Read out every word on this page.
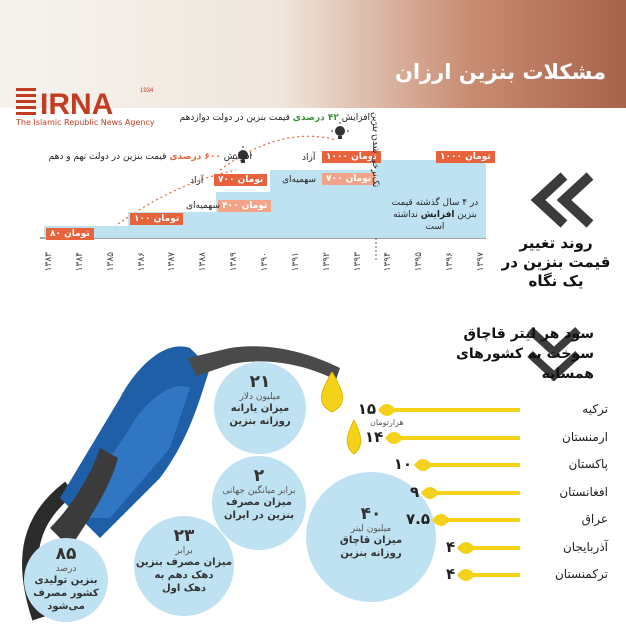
مشکلات بنزین ارزان
IRNA	1934
The Islamic Republic News Agency
۸۰ تومان
۱۰۰ تومان
۴۰۰ تومان
سهمیه‌ای
۷۰۰ تومان
آزاد	۷۰۰ تومان
سهمیه‌ای
۱۰۰۰ تومان
آزاد	۱۰۰۰ تومان
افزایش ۴۲ درصدی قیمت بنزین در دولت دوازدهم
افزایش ۶۰۰ درصدی قیمت بنزین در دولت نهم و دهم	تک‌نرخی شدن بنزین
در ۴ سال گذشته قیمت بنزین افزایش نداشته است
روند تغییر قیمت بنزین در یک نگاه
سود هر لیتر قاچاق سوخت به کشورهای همسایه
هزارتومان
۲۱
میلیون دلار
میزان یارانه
روزانه بنزین
۲
برابر میانگین جهانی
میزان مصرف
بنزین در ایران	۴۰
میلیون لیتر
میزان قاچاق
روزانه بنزین
۲۳
برابر
میزان مصرف بنزین
دهک دهم به
دهک اول
۸۵
درصد
بنزین تولیدی
کشور مصرف
می‌شود
۱۳۸۳ ۱۳۸۴ ۱۳۸۵ ۱۳۸۶ ۱۳۸۷ ۱۳۸۸ ۱۳۸۹ ۱۳۹۰ ۱۳۹۱ ۱۳۹۲ ۱۳۹۳ ۱۳۹۴ ۱۳۹۵ ۱۳۹۶ ۱۳۹۷
۱۵	ترکیه
۱۴	ارمنستان
۱۰	پاکستان
۹	افغانستان
۷.۵	عراق
۴	آذربایجان
۴	ترکمنستان
